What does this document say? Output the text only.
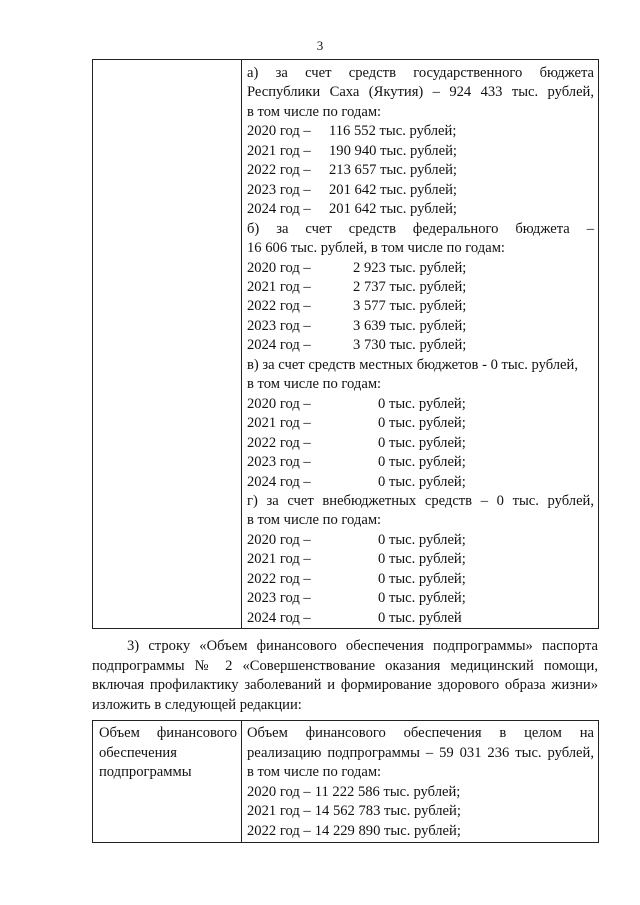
3

а) за счет средств государственного бюджета
Республики Саха (Якутия) – 924 433 тыс. рублей,
в том числе по годам:
2020 год – 116 552 тыс. рублей;
2021 год – 190 940 тыс. рублей;
2022 год – 213 657 тыс. рублей;
2023 год – 201 642 тыс. рублей;
2024 год – 201 642 тыс. рублей;
б) за счет средств федерального бюджета –
16 606 тыс. рублей, в том числе по годам:
2020 год –	2 923 тыс. рублей;
2021 год –	2 737 тыс. рублей;
2022 год –	3 577 тыс. рублей;
2023 год –	3 639 тыс. рублей;
2024 год –	3 730 тыс. рублей;
в) за счет средств местных бюджетов - 0 тыс. рублей,
в том числе по годам:
2020 год –	0 тыс. рублей;
2021 год –	0 тыс. рублей;
2022 год –	0 тыс. рублей;
2023 год –	0 тыс. рублей;
2024 год –	0 тыс. рублей;
г) за счет внебюджетных средств – 0 тыс. рублей,
в том числе по годам:
2020 год –	0 тыс. рублей;
2021 год –	0 тыс. рублей;
2022 год –	0 тыс. рублей;
2023 год –	0 тыс. рублей;
2024 год –	0 тыс. рублей
3) строку «Объем финансового обеспечения подпрограммы» паспорта
подпрограммы № 2 «Совершенствование оказания медицинский помощи,
включая профилактику заболеваний и формирование здорового образа жизни»
изложить в следующей редакции:
Объем финансового
обеспечения
подпрограммы

Объем финансового обеспечения в целом на
реализацию подпрограммы – 59 031 236 тыс. рублей,
в том числе по годам:
2020 год – 11 222 586 тыс. рублей;
2021 год – 14 562 783 тыс. рублей;
2022 год – 14 229 890 тыс. рублей;
